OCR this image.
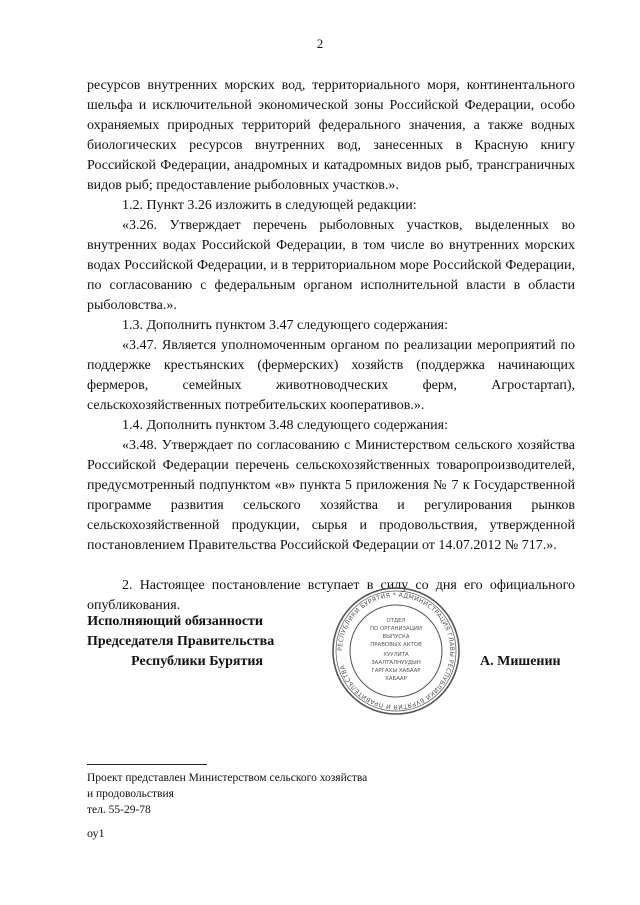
2

ресурсов внутренних морских вод, территориального моря, континентального шельфа и исключительной экономической зоны Российской Федерации, особо охраняемых природных территорий федерального значения, а также водных биологических ресурсов внутренних вод, занесенных в Красную книгу Российской Федерации, анадромных и катадромных видов рыб, трансграничных видов рыб; предоставление рыболовных участков.».

1.2. Пункт 3.26 изложить в следующей редакции:

«3.26. Утверждает перечень рыболовных участков, выделенных во внутренних водах Российской Федерации, в том числе во внутренних морских водах Российской Федерации, и в территориальном море Российской Федерации, по согласованию с федеральным органом исполнительной власти в области рыболовства.».

1.3. Дополнить пунктом 3.47 следующего содержания:

«3.47. Является уполномоченным органом по реализации мероприятий по поддержке крестьянских (фермерских) хозяйств (поддержка начинающих фермеров, семейных животноводческих ферм, Агростартап), сельскохозяйственных потребительских кооперативов.».

1.4. Дополнить пунктом 3.48 следующего содержания:

«3.48. Утверждает по согласованию с Министерством сельского хозяйства Российской Федерации перечень сельскохозяйственных товаропроизводителей, предусмотренный подпунктом «в» пункта 5 приложения № 7 к Государственной программе развития сельского хозяйства и регулирования рынков сельскохозяйственной продукции, сырья и продовольствия, утвержденной постановлением Правительства Российской Федерации от 14.07.2012 № 717.».

2. Настоящее постановление вступает в силу со дня его официального опубликования.

Исполняющий обязанности
Председателя Правительства
Республики Бурятия
РЕСПУБЛИКИ БУРЯТИЯ * АДМИНИСТРАЦИЯ ГЛАВЫ РЕСПУБЛИКИ БУРЯТИЯ И ПРАВИТЕЛЬСТВА
ОТДЕЛ
ПО ОРГАНИЗАЦИИ
ВЫПУСКА
ПРАВОВЫХ АКТОВ
ХУУЛИТА
ЗААЛТАЛНУУДЫН
ГАРГАХЫ ХАБААР
ХАБААР
А. Мишенин
Проект представлен Министерством сельского хозяйства
и продовольствия
тел. 55-29-78
оу1
